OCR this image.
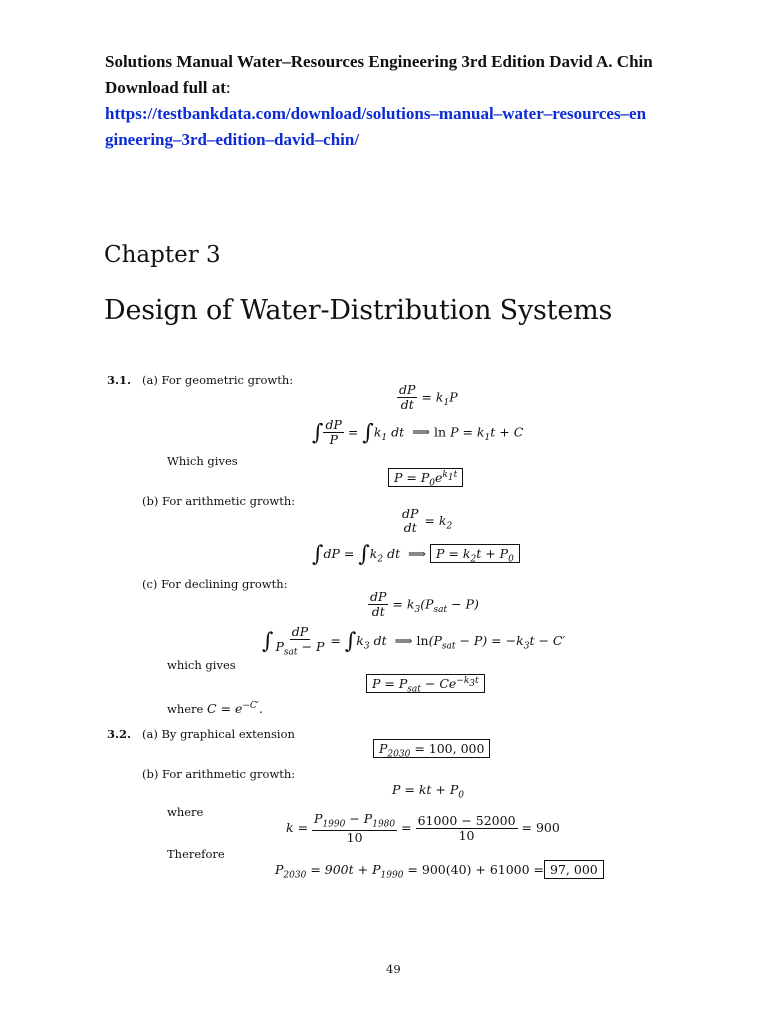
Solutions Manual Water–Resources Engineering 3rd Edition David A. Chin
Download full at:
https://testbankdata.com/download/solutions–manual–water–resources–en
gineering–3rd–edition–david–chin/
Chapter 3
Design of Water-Distribution Systems
3.1. (a) For geometric growth:
$\frac{dP}{dt} = k_1P$
∫ $\frac{dP}{P} = \int k_1$ dt ⟹ $\ln P = k_1t + C$
Which gives
$P = P_0e^{k_1t}$
(b) For arithmetic growth:
dP
dt = $k_2$
$\int dP = \int k_2$ dt ⟹ $P = k_2t + P_0$
(c) For declining growth:
$\frac{dP}{dt} = k_3(P_{sat} - P)$
∫ $\frac{dP}{P_{sat} - P} = \int k_3$ dt ⟹ $\ln(P_{sat} - P) = -k_3t - C'$
which gives
$P = P_{sat} - Ce^{-k_3t}$
where $C = e^{-C'}$.
3.2. (a) By graphical extension
$P_{2030} = 100$, 000
(b) For arithmetic growth:
P = kt + $P_0$
where
$k = \frac{P_{1990} - P_{1980}}{10} = \frac{61000 - 52000}{10} = 900$
Therefore
$P_{2030} = 900t + P_{1990} = 900(40) + 61000 = 97$, 000
49
